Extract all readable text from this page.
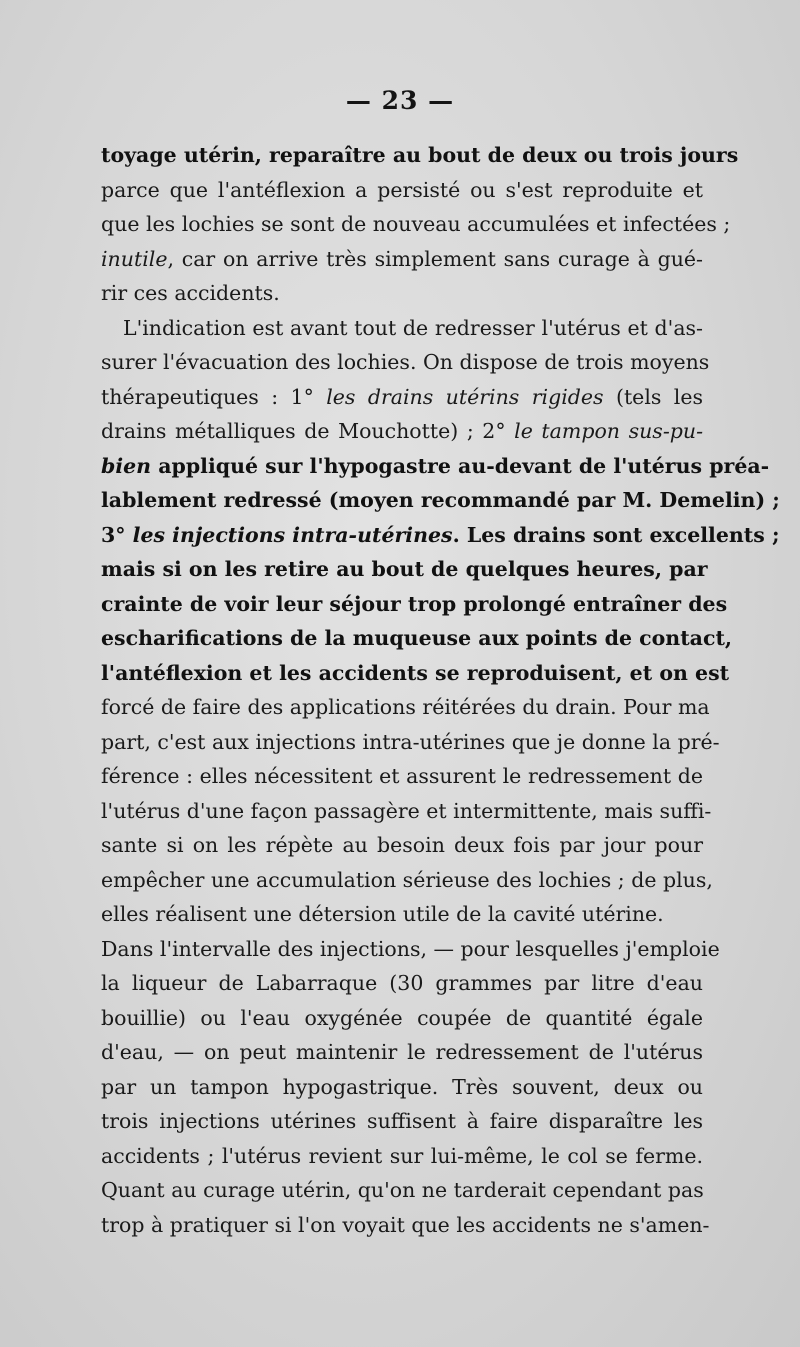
— 23 —
toyage utérin, reparaître au bout de deux ou trois jours
parce que l'antéflexion a persisté ou s'est reproduite et
que les lochies se sont de nouveau accumulées et infectées ;
inutile, car on arrive très simplement sans curage à gué-
rir ces accidents.
L'indication est avant tout de redresser l'utérus et d'as-
surer l'évacuation des lochies. On dispose de trois moyens
thérapeutiques : 1° les drains utérins rigides (tels les
drains métalliques de Mouchotte) ; 2° le tampon sus-pu-
bien appliqué sur l'hypogastre au-devant de l'utérus préa-
lablement redressé (moyen recommandé par M. Demelin) ;
3° les injections intra-utérines. Les drains sont excellents ;
mais si on les retire au bout de quelques heures, par
crainte de voir leur séjour trop prolongé entraîner des
escharifications de la muqueuse aux points de contact,
l'antéflexion et les accidents se reproduisent, et on est
forcé de faire des applications réitérées du drain. Pour ma
part, c'est aux injections intra-utérines que je donne la pré-
férence : elles nécessitent et assurent le redressement de
l'utérus d'une façon passagère et intermittente, mais suffi-
sante si on les répète au besoin deux fois par jour pour
empêcher une accumulation sérieuse des lochies ; de plus,
elles réalisent une détersion utile de la cavité utérine.
Dans l'intervalle des injections, — pour lesquelles j'emploie
la liqueur de Labarraque (30 grammes par litre d'eau
bouillie) ou l'eau oxygénée coupée de quantité égale
d'eau, — on peut maintenir le redressement de l'utérus
par un tampon hypogastrique. Très souvent, deux ou
trois injections utérines suffisent à faire disparaître les
accidents ; l'utérus revient sur lui-même, le col se ferme.
Quant au curage utérin, qu'on ne tarderait cependant pas
trop à pratiquer si l'on voyait que les accidents ne s'amen-
